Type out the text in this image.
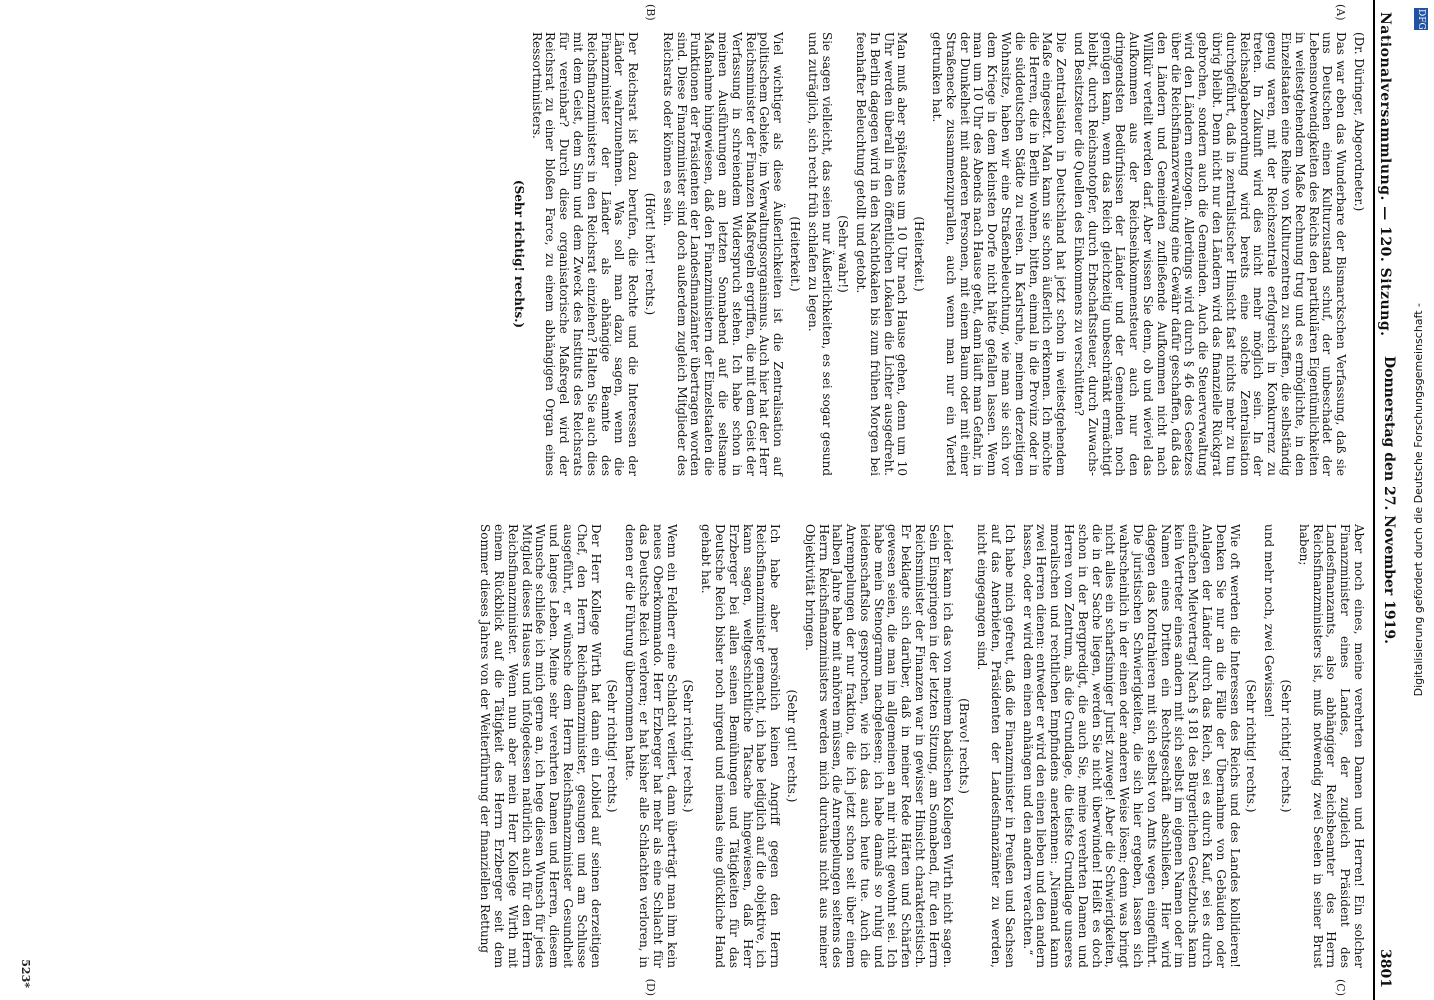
Nationalversammlung. — 120. Sitzung.
Donnerstag den 27. November 1919.
3801
(Dr. Düringer, Abgeordneter.)
Das war eben das Wunderbare der Bismarckschen Verfassung, daß sie uns Deutschen einen Kulturzustand schuf, der unbeschadet der Lebensnotwendigkeiten des Reichs den partikulären Eigentümlichkeiten in weitestgehendem Maße Rechnung trug und es ermöglichte, in den Einzelstaaten eine Reihe von Kulturzentren zu schaffen, die selbständig genug waren, mit der Reichszentrale erfolgreich in Konkurrenz zu treten. In Zukunft wird dies nicht mehr möglich sein. In der Reichsabgabenordnung wird bereits eine solche Zentralisation durchgeführt, daß in zentralistischer Hinsicht fast nichts mehr zu tun übrig bleibt. Denn nicht nur den Ländern wird das finanzielle Rückgrat gebrochen, sondern auch die Gemeinden. Auch die Steuerverwaltung wird den Ländern entzogen. Allerdings wird durch § 46 des Gesetzes über die Reichsfinanzverwaltung eine Gewähr dafür geschaffen, daß das den Ländern und Gemeinden zufließende Aufkommen nicht nach Willkür verteilt werden darf. Aber wissen Sie denn, ob und wieviel das Aufkommen aus der Reichseinkommensteuer auch nur den dringendsten Bedürfnissen der Länder und der Gemeinden noch genügen kann, wenn das Reich gleichzeitig unbeschränkt ermächtigt bleibt, durch Reichsnotopfer, durch Erbschaftssteuer, durch Zuwachs- und Besitzsteuer die Quellen des Einkommens zu verschütten?
Die Zentralisation in Deutschland hat jetzt schon in weitestgehendem Maße eingesetzt. Man kann sie schon äußerlich erkennen. Ich möchte die Herren, die in Berlin wohnen, bitten, einmal in die Provinz oder in die süddeutschen Städte zu reisen. In Karlsruhe, meinem derzeitigen Wohnsitze, haben wir eine Straßenbeleuchtung, wie man sie sich vor dem Kriege in dem kleinsten Dorfe nicht hätte gefallen lassen. Wenn man um 10 Uhr des Abends nach Hause geht, dann läuft man Gefahr, in der Dunkelheit mit anderen Personen, mit einem Baum oder mit einer Straßenecke zusammenzuprallen, auch wenn man nur ein Viertel getrunken hat.
(Heiterkeit.)
Man muß aber spätestens um 10 Uhr nach Hause gehen, denn um 10 Uhr werden überall in den öffentlichen Lokalen die Lichter ausgedreht. In Berlin dagegen wird in den Nachtlokalen bis zum frühen Morgen bei feenhafter Beleuchtung getollt und getobt.
(Sehr wahr!)
Sie sagen vielleicht, das seien nur Äußerlichkeiten, es sei sogar gesund und zuträglich, sich recht früh schlafen zu legen.
(Heiterkeit.)
Viel wichtiger als diese Äußerlichkeiten ist die Zentralisation auf politischem Gebiete, im Verwaltungsorganismus. Auch hier hat der Herr Reichsminister der Finanzen Maßregeln ergriffen, die mit dem Geist der Verfassung in schreiendem Widerspruch stehen. Ich habe schon in meinen Ausführungen am letzten Sonnabend auf die seltsame Maßnahme hingewiesen, daß den Finanzministern der Einzelstaaten die Funktionen der Präsidenten der Landesfinanzämter übertragen worden sind. Diese Finanzminister sind doch außerdem zugleich Mitglieder des Reichsrats oder können es sein.
(Hört! hört! rechts.)
Der Reichsrat ist dazu berufen, die Rechte und die Interessen der Länder wahrzunehmen. Was soll man dazu sagen, wenn die Finanzminister der Länder als abhängige Beamte des Reichsfinanzministers in den Reichsrat einziehen? Halten Sie auch dies mit dem Geist, dem Sinn und dem Zweck des Instituts des Reichsrats für vereinbar? Durch diese organisatorische Maßregel wird der Reichsrat zu einer bloßen Farce, zu einem abhängigen Organ eines Ressortministers.
(Sehr richtig! rechts.)
Aber noch eines, meine verehrten Damen und Herren! Ein solcher Finanzminister eines Landes, der zugleich Präsident des Landesfinanzamts, also abhängiger Reichsbeamter des Herrn Reichsfinanzministers ist, muß notwendig zwei Seelen in seiner Brust haben;
(Sehr richtig! rechts.)
und mehr noch, zwei Gewissen!
(Sehr richtig! rechts.)
Wie oft werden die Interessen des Reichs und des Landes kollidieren! Denken Sie nur an die Fälle der Übernahme von Gebäuden oder Anlagen der Länder durch das Reich, sei es durch Kauf, sei es durch einfachen Mietvertrag! Nach § 181 des Bürgerlichen Gesetzbuchs kann kein Vertreter eines andern mit sich selbst im eigenen Namen oder im Namen eines Dritten ein Rechtsgeschäft abschließen. Hier wird dagegen das Kontrahieren mit sich selbst von Amts wegen eingeführt. Die juristischen Schwierigkeiten, die sich hier ergeben, lassen sich wahrscheinlich in der einen oder anderen Weise lösen; denn was bringt nicht alles ein scharfsinniger Jurist zuwege! Aber die Schwierigkeiten, die in der Sache liegen, werden Sie nicht überwinden! Heißt es doch schon in der Bergpredigt, die auch Sie, meine verehrten Damen und Herren vom Zentrum, als die Grundlage, die tiefste Grundlage unseres moralischen und rechtlichen Empfindens anerkennen: „Niemand kann zwei Herren dienen: entweder er wird den einen lieben und den andern hassen, oder er wird dem einen anhängen und den andern verachten.“
Ich habe mich gefreut, daß die Finanzminister in Preußen und Sachsen auf das Anerbieten, Präsidenten der Landesfinanzämter zu werden, nicht eingegangen sind.
(Bravo! rechts.)
Leider kann ich das von meinem badischen Kollegen Wirth nicht sagen. Sein Einspringen in der letzten Sitzung, am Sonnabend, für den Herrn Reichsminister der Finanzen war in gewisser Hinsicht charakteristisch. Er beklagte sich darüber, daß in meiner Rede Härten und Schärfen gewesen seien, die man im allgemeinen an mir nicht gewohnt sei. Ich habe mein Stenogramm nachgelesen; ich habe damals so ruhig und leidenschaftslos gesprochen, wie ich das auch heute tue. Auch die Anrempelungen der nur fraktion, die ich jetzt schon seit über einem halben Jahre habe mit anhören müssen, die Anrempelungen seitens des Herrn Reichsfinanzministers werden mich durchaus nicht aus meiner Objektivität bringen.
(Sehr gut! rechts.)
Ich habe aber persönlich keinen Angriff gegen den Herrn Reichsfinanzminister gemacht, ich habe lediglich auf die objektive, ich kann sagen, weltgeschichtliche Tatsache hingewiesen, daß Herr Erzberger bei allen seinen Bemühungen und Tätigkeiten für das Deutsche Reich bisher noch nirgend und niemals eine glückliche Hand gehabt hat.
(Sehr richtig! rechts.)
Wenn ein Feldherr eine Schlacht verliert, dann überträgt man ihm kein neues Oberkommando. Herr Erzberger hat mehr als eine Schlacht für das Deutsche Reich verloren; er hat bisher alle Schlachten verloren, in denen er die Führung übernommen hatte.
(Sehr richtig! rechts.)
Der Herr Kollege Wirth hat dann ein Loblied auf seinen derzeitigen Chef, den Herrn Reichsfinanzminister, gesungen und am Schlusse ausgeführt, er wünsche dem Herrn Reichsfinanzminister Gesundheit und langes Leben. Meine sehr verehrten Damen und Herren, diesem Wunsche schließe ich mich gerne an, ich hege diesen Wunsch für jedes Mitglied dieses Hauses und infolgedessen natürlich auch für den Herrn Reichsfinanzminister. Wenn nun aber mein Herr Kollege Wirth mit einem Rückblick auf die Tätigkeit des Herrn Erzberger seit dem Sommer dieses Jahres von der Weiterführung der finanziellen Rettung
(A)
(B)
(C)
(D)
523*
Digitalisierung gefördert durch die Deutsche Forschungsgemeinschaft -
DFG
